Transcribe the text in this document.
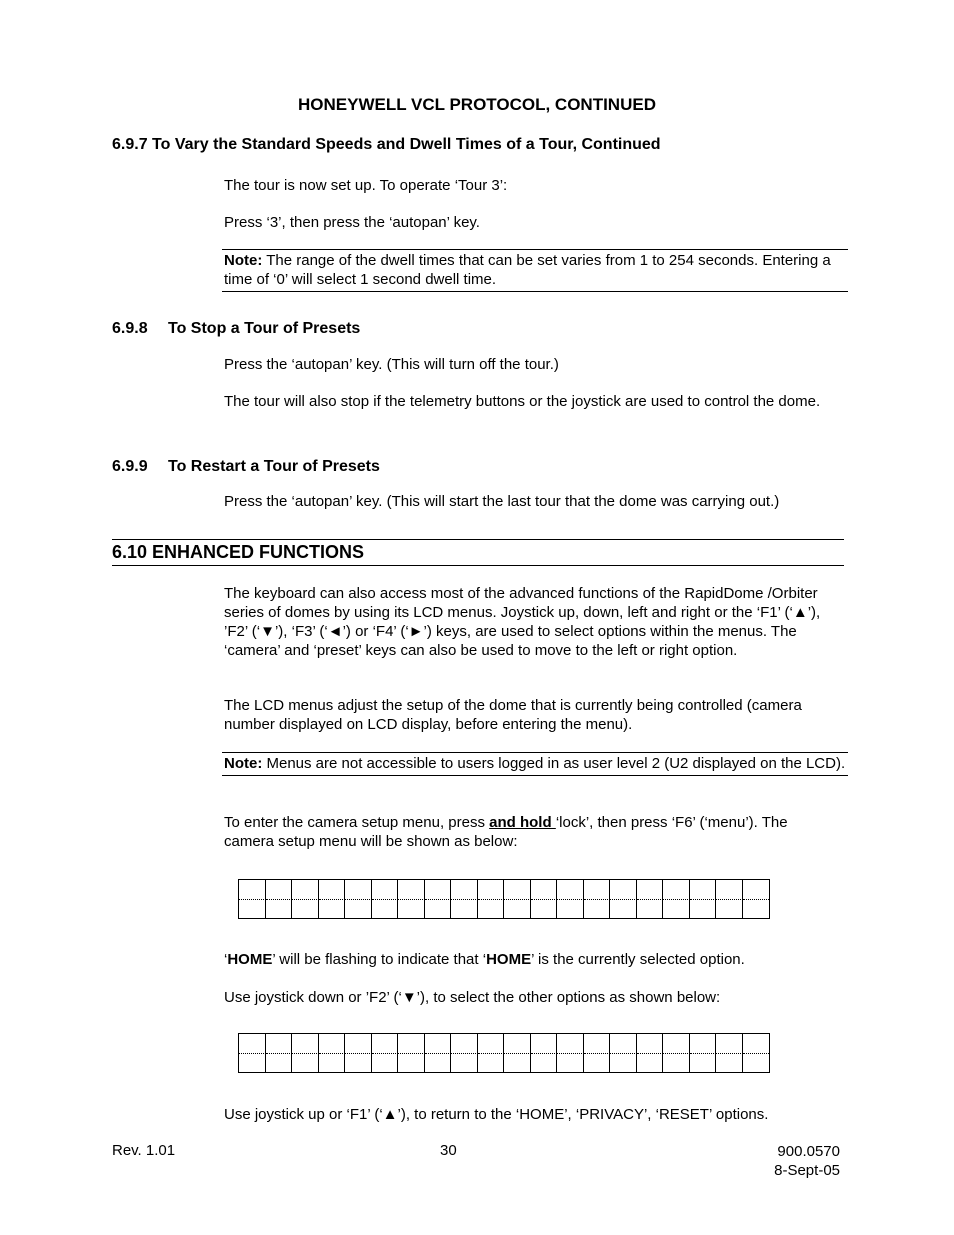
HONEYWELL VCL PROTOCOL, CONTINUED
6.9.7 To Vary the Standard Speeds and Dwell Times of a Tour, Continued
The tour is now set up. To operate ‘Tour 3’:
Press ‘3’, then press the ‘autopan’ key.
Note: The range of the dwell times that can be set varies from 1 to 254 seconds. Entering a time of ‘0’ will select 1 second dwell time.
6.9.8 To Stop a Tour of Presets
Press the ‘autopan’ key. (This will turn off the tour.)
The tour will also stop if the telemetry buttons or the joystick are used to control the dome.
6.9.9 To Restart a Tour of Presets
Press the ‘autopan’ key. (This will start the last tour that the dome was carrying out.)
6.10 ENHANCED FUNCTIONS
The keyboard can also access most of the advanced functions of the RapidDome /Orbiter series of domes by using its LCD menus. Joystick up, down, left and right or the ‘F1’ (‘▲’), ’F2’ (‘▼’), ‘F3’ (‘◄’) or ‘F4’ (‘►’) keys, are used to select options within the menus. The ‘camera’ and ‘preset’ keys can also be used to move to the left or right option.
The LCD menus adjust the setup of the dome that is currently being controlled (camera number displayed on LCD display, before entering the menu).
Note: Menus are not accessible to users logged in as user level 2 (U2 displayed on the LCD).
To enter the camera setup menu, press and hold ‘lock’, then press ‘F6’ (‘menu’). The camera setup menu will be shown as below:
‘HOME’ will be flashing to indicate that ‘HOME’ is the currently selected option.
Use joystick down or ’F2’ (‘▼’), to select the other options as shown below:
Use joystick up or ‘F1’ (‘▲’), to return to the ‘HOME’, ‘PRIVACY’, ‘RESET’ options.
Rev. 1.01	30	900.0570
8-Sept-05
